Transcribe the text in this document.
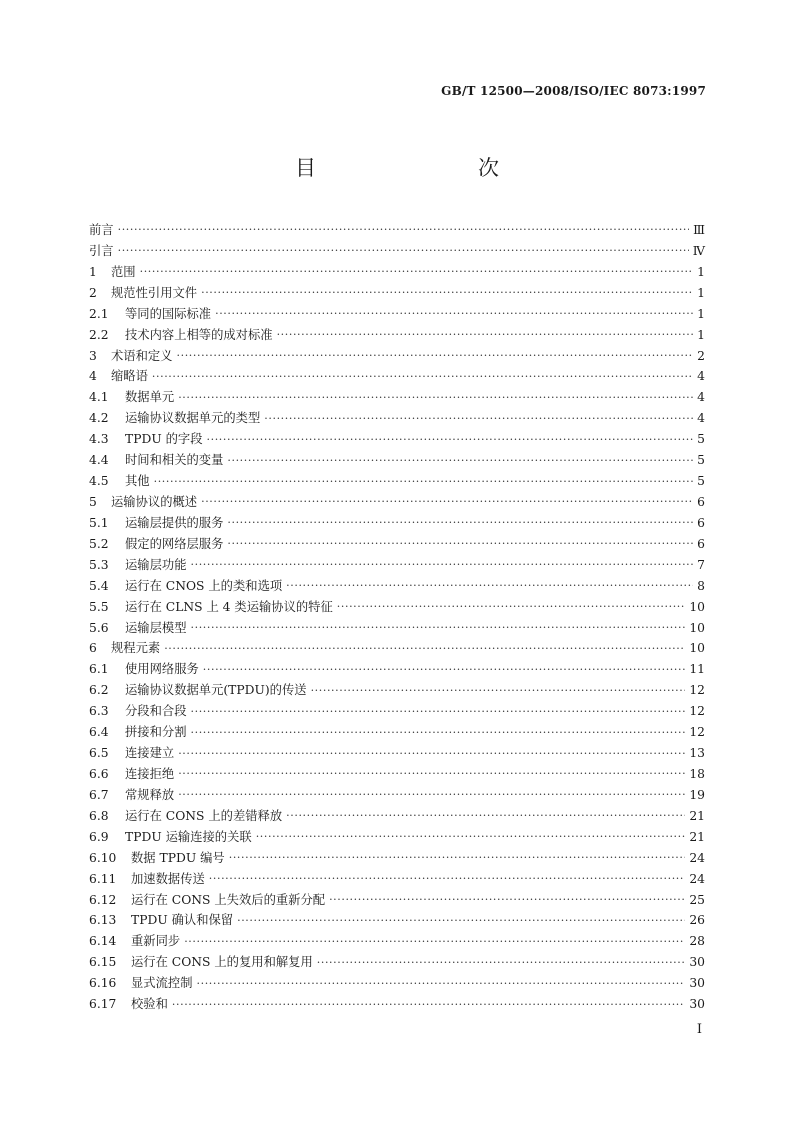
GB/T 12500—2008/ISO/IEC 8073:1997
目　　次
前言 ·····	Ⅲ
引言 ·····	Ⅳ
1	范围 ·····	1
2	规范性引用文件 ·····	1
2.1	等同的国际标准 ·····	1
2.2	技术内容上相等的成对标准 ·····	1
3	术语和定义 ·····	2
4	缩略语 ·····	4
4.1	数据单元 ·····	4
4.2	运输协议数据单元的类型 ·····	4
4.3	TPDU 的字段 ·····	5
4.4	时间和相关的变量 ·····	5
4.5	其他 ·····	5
5	运输协议的概述 ·····	6
5.1	运输层提供的服务 ·····	6
5.2	假定的网络层服务 ·····	6
5.3	运输层功能 ·····	7
5.4	运行在 CNOS 上的类和选项 ·····	8
5.5	运行在 CLNS 上 4 类运输协议的特征 ·····	10
5.6	运输层模型 ·····	10
6	规程元素 ·····	10
6.1	使用网络服务 ·····	11
6.2	运输协议数据单元(TPDU)的传送 ·····	12
6.3	分段和合段 ·····	12
6.4	拼接和分割 ·····	12
6.5	连接建立 ·····	13
6.6	连接拒绝 ·····	18
6.7	常规释放 ·····	19
6.8	运行在 CONS 上的差错释放 ·····	21
6.9	TPDU 运输连接的关联 ·····	21
6.10	数据 TPDU 编号 ·····	24
6.11	加速数据传送 ·····	24
6.12	运行在 CONS 上失效后的重新分配 ·····	25
6.13	TPDU 确认和保留 ·····	26
6.14	重新同步 ·····	28
6.15	运行在 CONS 上的复用和解复用 ·····	30
6.16	显式流控制 ·····	30
6.17	校验和 ·····	30
I
